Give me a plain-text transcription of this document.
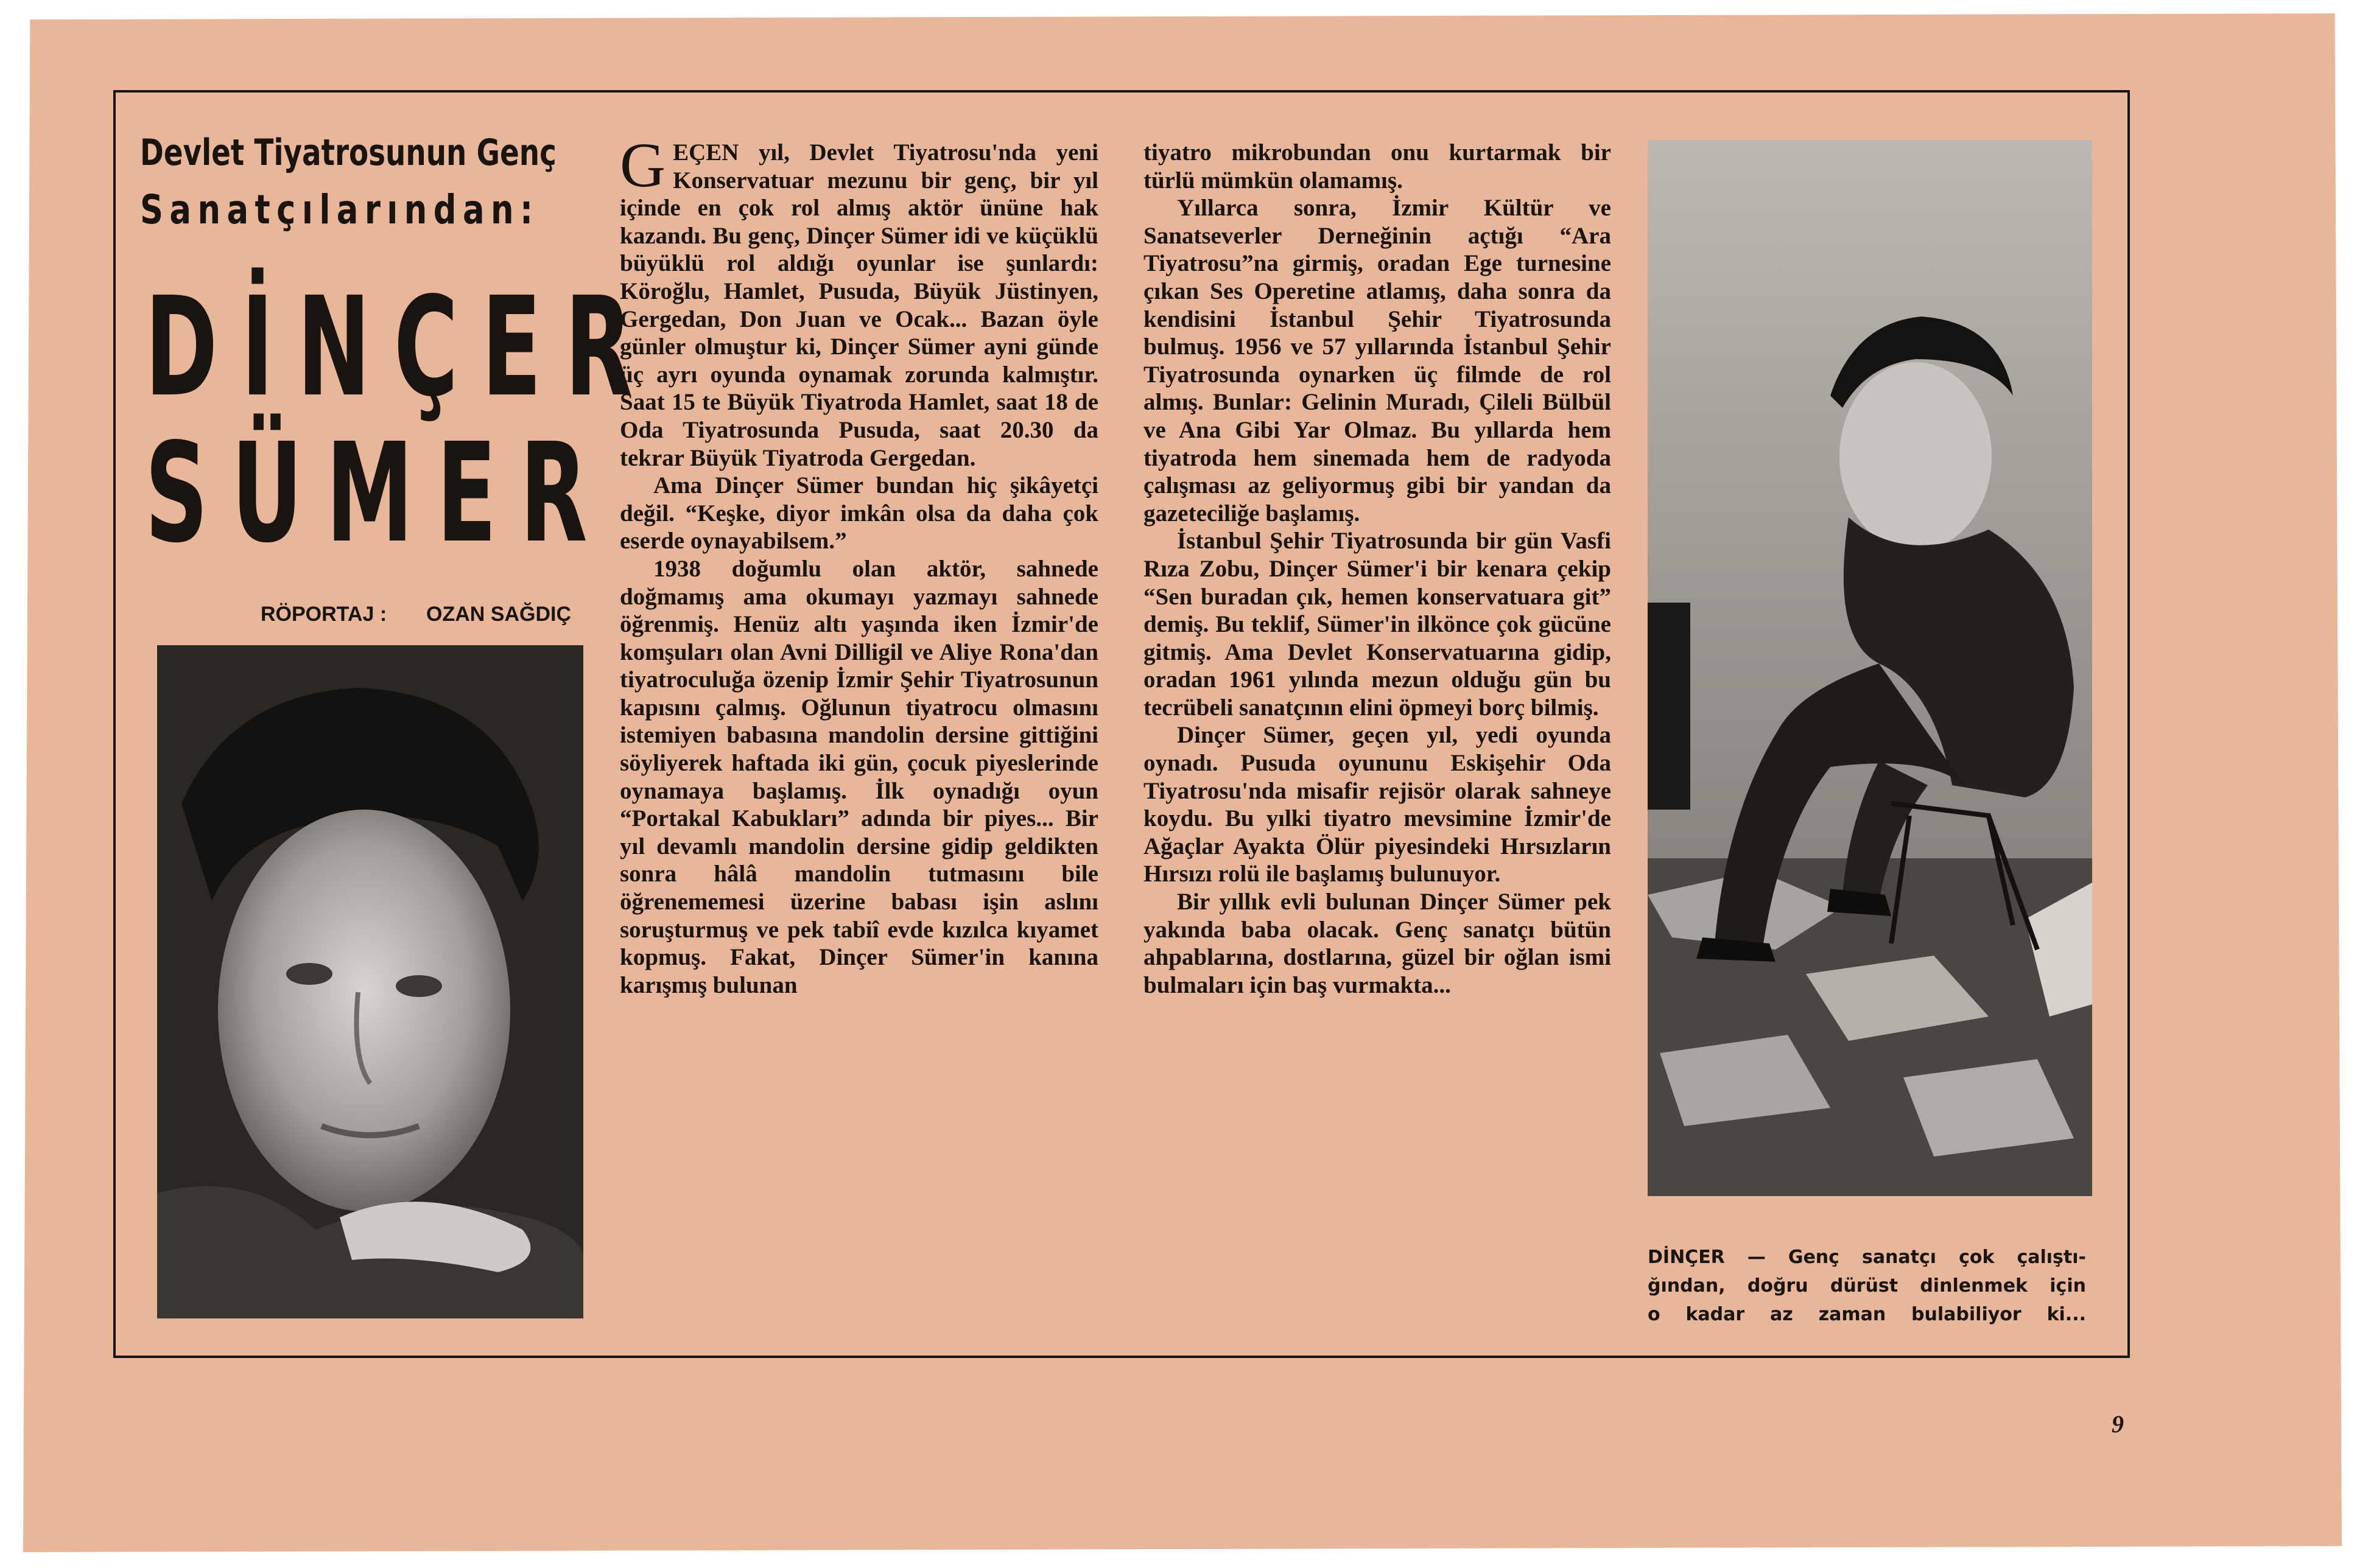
Devlet Tiyatrosunun Genç
Sanatçılarından:
DİNÇER
SÜMER
RÖPORTAJ : OZAN SAĞDIÇ

GEÇEN yıl, Devlet Tiyatrosu'nda yeni Konservatuar mezunu bir genç, bir yıl içinde en çok rol almış aktör ününe hak kazandı. Bu genç, Dinçer Sümer idi ve küçüklü büyüklü rol aldığı oyunlar ise şunlardı: Köroğlu, Hamlet, Pusuda, Büyük Jüstinyen, Gergedan, Don Juan ve Ocak... Bazan öyle günler olmuştur ki, Dinçer Sümer ayni günde üç ayrı oyunda oynamak zorunda kalmıştır. Saat 15 te Büyük Tiyatroda Hamlet, saat 18 de Oda Tiyatrosunda Pusuda, saat 20.30 da tekrar Büyük Tiyatroda Gergedan.

Ama Dinçer Sümer bundan hiç şikâyetçi değil. “Keşke, diyor imkân olsa da daha çok eserde oynayabilsem.”

1938 doğumlu olan aktör, sahnede doğmamış ama okumayı yazmayı sahnede öğrenmiş. Henüz altı yaşında iken İzmir'de komşuları olan Avni Dilligil ve Aliye Rona'dan tiyatroculuğa özenip İzmir Şehir Tiyatrosunun kapısını çalmış. Oğlunun tiyatrocu olmasını istemiyen babasına mandolin dersine gittiğini söyliyerek haftada iki gün, çocuk piyeslerinde oynamaya başlamış. İlk oynadığı oyun “Portakal Kabukları” adında bir piyes... Bir yıl devamlı mandolin dersine gidip geldikten sonra hâlâ mandolin tutmasını bile öğrenememesi üzerine babası işin aslını soruşturmuş ve pek tabiî evde kızılca kıyamet kopmuş. Fakat, Dinçer Sümer'in kanına karışmış bulunan

tiyatro mikrobundan onu kurtarmak bir türlü mümkün olamamış.

Yıllarca sonra, İzmir Kültür ve Sanatseverler Derneğinin açtığı “Ara Tiyatrosu”na girmiş, oradan Ege turnesine çıkan Ses Operetine atlamış, daha sonra da kendisini İstanbul Şehir Tiyatrosunda bulmuş. 1956 ve 57 yıllarında İstanbul Şehir Tiyatrosunda oynarken üç filmde de rol almış. Bunlar: Gelinin Muradı, Çileli Bülbül ve Ana Gibi Yar Olmaz. Bu yıllarda hem tiyatroda hem sinemada hem de radyoda çalışması az geliyormuş gibi bir yandan da gazeteciliğe başlamış.

İstanbul Şehir Tiyatrosunda bir gün Vasfi Rıza Zobu, Dinçer Sümer'i bir kenara çekip “Sen buradan çık, hemen konservatuara git” demiş. Bu teklif, Sümer'in ilkönce çok gücüne gitmiş. Ama Devlet Konservatuarına gidip, oradan 1961 yılında mezun olduğu gün bu tecrübeli sanatçının elini öpmeyi borç bilmiş.

Dinçer Sümer, geçen yıl, yedi oyunda oynadı. Pusuda oyununu Eskişehir Oda Tiyatrosu'nda misafir rejisör olarak sahneye koydu. Bu yılki tiyatro mevsimine İzmir'de Ağaçlar Ayakta Ölür piyesindeki Hırsızların Hırsızı rolü ile başlamış bulunuyor.

Bir yıllık evli bulunan Dinçer Sümer pek yakında baba olacak. Genç sanatçı bütün ahpablarına, dostlarına, güzel bir oğlan ismi bulmaları için baş vurmakta...

DİNÇER — Genç sanatçı çok çalıştı-
ğından, doğru dürüst dinlenmek için
o kadar az zaman bulabiliyor ki...
9
